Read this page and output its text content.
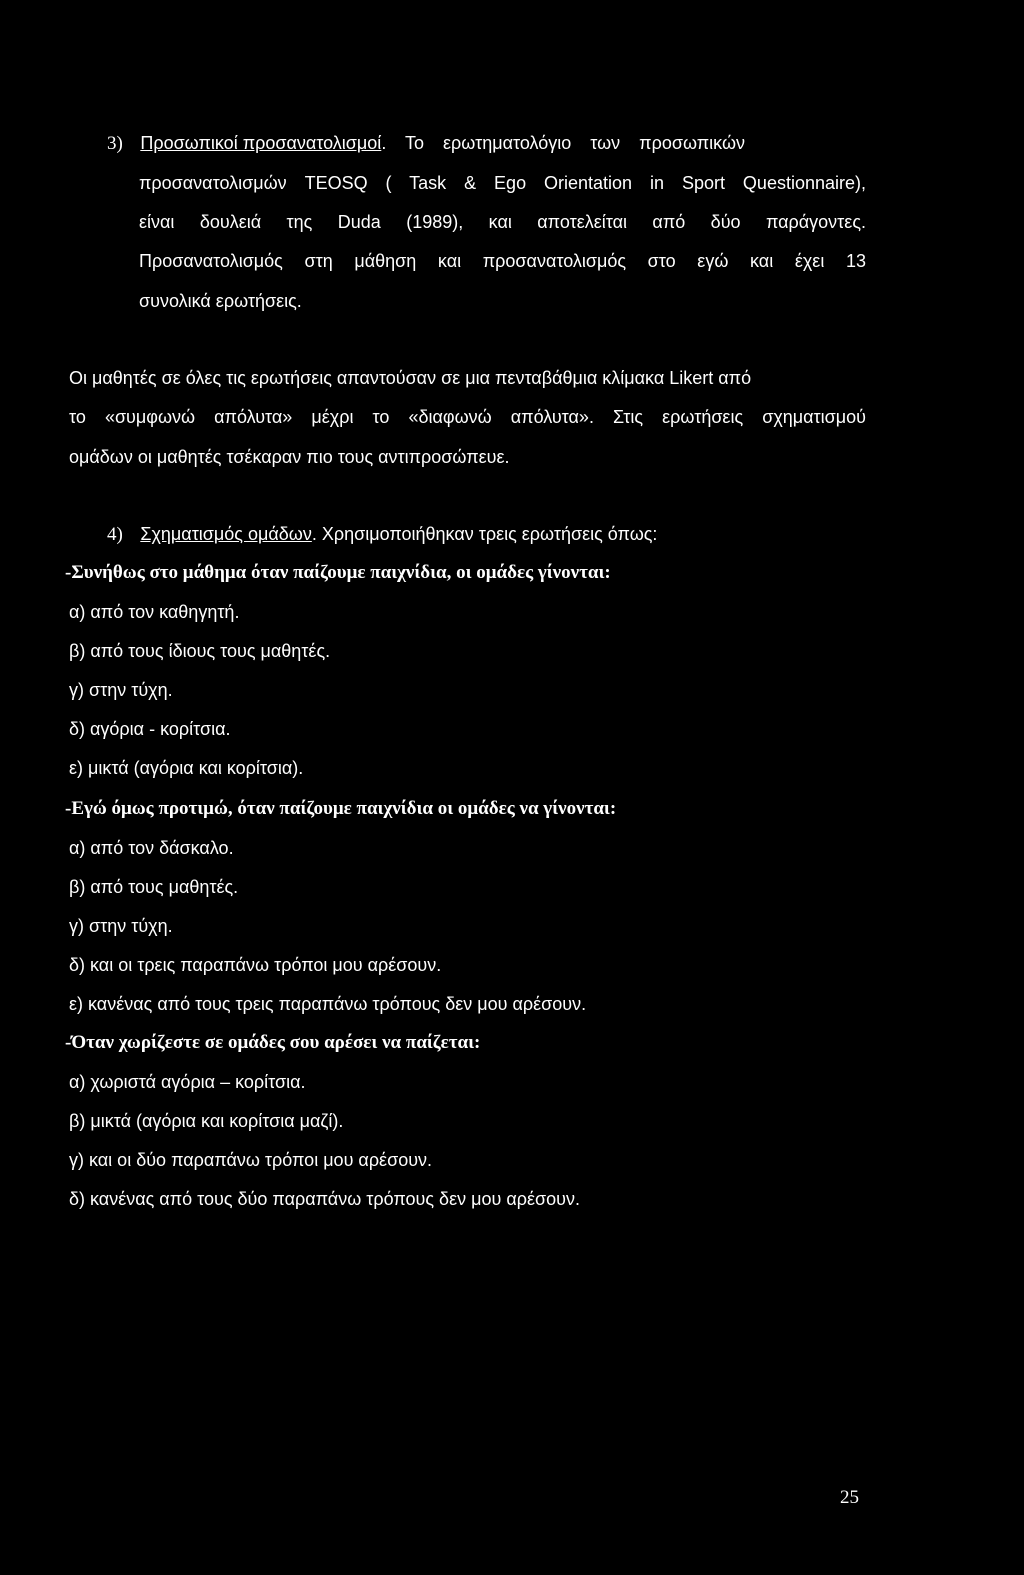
3) Προσωπικοί προσανατολισμοί. Το ερωτηματολόγιο των προσωπικών
προσανατολισμών TEOSQ ( Task & Ego Orientation in Sport Questionnaire),
είναι δουλειά της Duda (1989), και αποτελείται από δύο παράγοντες.
Προσανατολισμός στη μάθηση και προσανατολισμός στο εγώ και έχει 13
συνολικά ερωτήσεις.
Οι μαθητές σε όλες τις ερωτήσεις απαντούσαν σε μια πενταβάθμια κλίμακα Likert από
το «συμφωνώ απόλυτα» μέχρι το «διαφωνώ απόλυτα». Στις ερωτήσεις σχηματισμού
ομάδων οι μαθητές τσέκαραν πιο τους αντιπροσώπευε.
4) Σχηματισμός ομάδων. Χρησιμοποιήθηκαν τρεις ερωτήσεις όπως:
-Συνήθως στο μάθημα όταν παίζουμε παιχνίδια, οι ομάδες γίνονται:
α) από τον καθηγητή.
β) από τους ίδιους τους μαθητές.
γ) στην τύχη.
δ) αγόρια - κορίτσια.
ε) μικτά (αγόρια και κορίτσια).
-Εγώ όμως προτιμώ, όταν παίζουμε παιχνίδια οι ομάδες να γίνονται:
α) από τον δάσκαλο.
β) από τους μαθητές.
γ) στην τύχη.
δ) και οι τρεις παραπάνω τρόποι μου αρέσουν.
ε) κανένας από τους τρεις παραπάνω τρόπους δεν μου αρέσουν.
-Όταν χωρίζεστε σε ομάδες σου αρέσει να παίζεται:
α) χωριστά αγόρια – κορίτσια.
β) μικτά (αγόρια και κορίτσια μαζί).
γ) και οι δύο παραπάνω τρόποι μου αρέσουν.
δ) κανένας από τους δύο παραπάνω τρόπους δεν μου αρέσουν.
25
